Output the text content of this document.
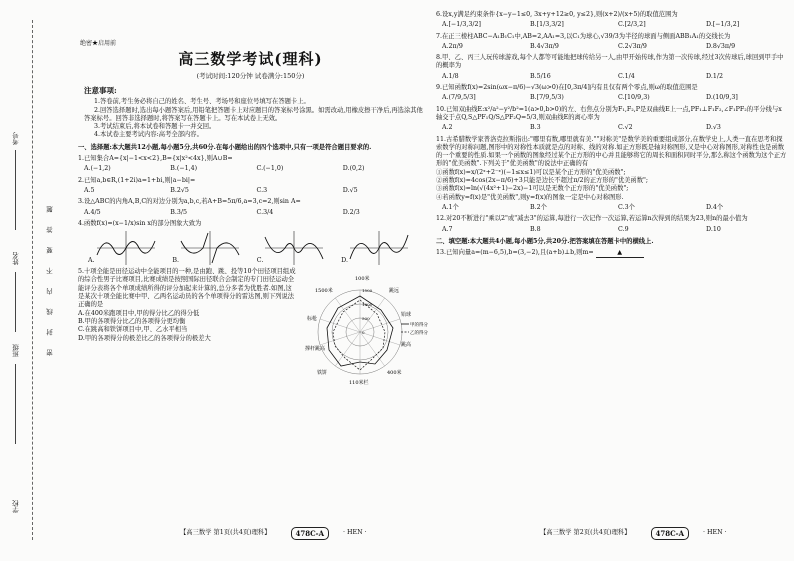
考号
姓名
班级
学校
密 封 线 内 不 要 答 题
绝密★启用前
高三数学考试(理科)
(考试时间:120分钟 试卷满分:150分)
注意事项:

1.答卷前,考生务必将自己的姓名、考生号、考场号和座位号填写在答题卡上。

2.回答选择题时,选出每小题答案后,用铅笔把答题卡上对应题目的答案标号涂黑。如需改动,用橡皮擦干净后,再选涂其他答案标号。回答非选择题时,将答案写在答题卡上。写在本试卷上无效。

3.考试结束后,将本试卷和答题卡一并交回。

4.本试卷主要考试内容:高考全部内容。

一、选择题:本大题共12小题,每小题5分,共60分.在每小题给出的四个选项中,只有一项是符合题目要求的.
1.已知集合A={x|−1<x<2},B={x|x²<4x},则A∪B=
A.(−1,2)	B.(−1,4)	C.(−1,0)	D.(0,2)
2.已知a,b∈R,(1+2i)a=1+bi,则|a−bi|=
A.5	B.2√5	C.3	D.√5
3.设△ABC的内角A,B,C的对边分别为a,b,c,若A+B=5π/6,a=3,c=2,则sin A=
A.4/5	B.3/5	C.3/4	D.2/3
4.函数f(x)=(x−1/x)sin x的部分图象大致为
A.	B.	C.	D.
5.十项全能是田径运动中全能项目的一种,是由跑、跳、投等10个田径项目组成的综合性男子比赛项目,比赛成绩是按照国际田径联合会制定的专门田径运动全能评分表将各个单项成绩所得的评分加起来计算的,总分多者为优胜者.如图,这是某次十项全能比赛中甲、乙两名运动员的各个单项得分的雷达图,则下列说法正确的是
A.在400米跑项目中,甲的得分比乙的得分低
B.甲的各项得分比乙的各项得分更均衡
C.在跳高和铁饼项目中,甲、乙水平相当
D.甲的各项得分的极差比乙的各项得分的极差大
100米
跳远
铅球
跳高
400米
110米栏
铁饼
撑杆跳高
标枪
1500米	1500
1000
500
0
甲的得分
乙的得分
【高三数学 第1页(共4页)理科】	478C-A	· HEN ·
6.设x,y满足约束条件{x−y−1≤0, 3x+y+12≥0, y≤2},则(x+2)/(x+5)的取值范围为
A.[−1/3,3/2]	B.[1/3,3/2]	C.[2/3,2]	D.[−1/3,2]
7.在正三棱柱ABC−A₁B₁C₁中,AB=2,AA₁=3,以C₁为球心,√39/3为半径的球面与侧面ABB₁A₁的交线长为
A.2π/9	B.4√3π/9	C.2√3π/9	D.8√3π/9
8.甲、乙、丙三人玩传球游戏,每个人都等可能地把球传给另一人,由甲开始传球,作为第一次传球,经过3次传球后,球回到甲手中的概率为
A.1/8	B.5/16	C.1/4	D.1/2
9.已知函数f(x)=2sin(ωx−π/6)−√3(ω>0)在[0,3π/4]内有且仅有两个零点,则ω的取值范围是
A.(7/9,5/3]	B.[7/9,5/3)	C.[10/9,3)	D.(10/9,3]
10.已知双曲线E:x²/a²−y²/b²=1(a>0,b>0)的左、右焦点分别为F₁,F₂,P是双曲线E上一点,PF₁⊥F₁F₂,∠F₁PF₂的平分线与x轴交于点Q,S△PF₁Q/S△PF₂Q=5/3,则双曲线E的离心率为
A.2	B.3	C.√2	D.√3
11.古希腊数学家普洛克拉斯指出:"哪里有数,哪里就有美.""对称美"是数学美的重要组成部分,在数学史上,人类一直在思考和探索数学的对称问题,图形中的对称性本质就是点的对称、线的对称.如正方形既是轴对称图形,又是中心对称图形,对称性也是函数的一个重要的性质.如果一个函数的图象经过某个正方形的中心并且能够将它的周长和面积同时平分,那么称这个函数为这个正方形的"优美函数".下列关于"优美函数"的说法中正确的有
①函数f(x)=x/(2ˣ+2⁻ˣ)(−1≤x≤1)可以是某个正方形的"优美函数";
②函数f(x)=4cos(2x−π/6)+3只能是边长不超过π/2的正方形的"优美函数";
③函数f(x)=ln(√(4x²+1)−2x)−1可以是无数个正方形的"优美函数";
④若函数y=f(x)是"优美函数",则y=f(x)的图象一定是中心对称图形.
A.1个	B.2个	C.3个	D.4个
12.对20不断进行"乘以2"或"减去3"的运算,每进行一次记作一次运算,若运算n次得到的结果为23,则n的最小值为
A.7	B.8	C.9	D.10
二、填空题:本大题共4小题,每小题5分,共20分.把答案填在答题卡中的横线上.
13.已知向量a=(m−6,5),b=(3,−2),且(a+b)⊥b,则m=	▲
【高三数学 第2页(共4页)理科】	478C-A	· HEN ·
